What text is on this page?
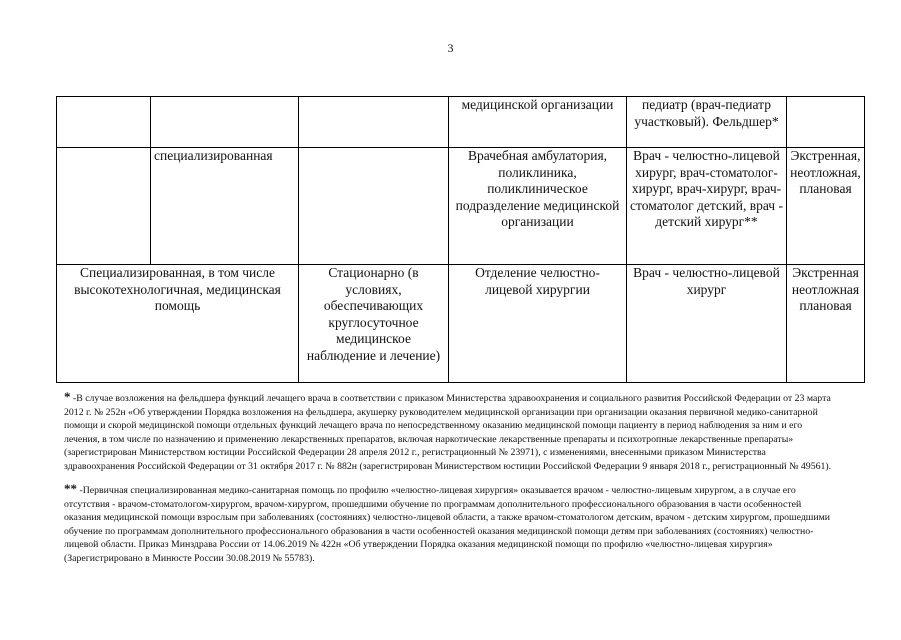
3
			медицинской организации	педиатр (врач-педиатр участковый). Фельдшер*	
	специализированная		Врачебная амбулатория, поликлиника, поликлиническое подразделение медицинской организации	Врач - челюстно-лицевой хирург, врач-стоматолог-хирург, врач-хирург, врач-стоматолог детский, врач - детский хирург**	Экстренная, неотложная, плановая
Специализированная, в том числе высокотехнологичная, медицинская помощь		Стационарно (в условиях, обеспечивающих круглосуточное медицинское наблюдение и лечение)	Отделение челюстно-лицевой хирургии	Врач - челюстно-лицевой хирург	Экстренная неотложная плановая
* -В случае возложения на фельдшера функций лечащего врача в соответствии с приказом Министерства здравоохранения и социального развития Российской Федерации от 23 марта 2012 г. № 252н «Об утверждении Порядка возложения на фельдшера, акушерку руководителем медицинской организации при организации оказания первичной медико-санитарной помощи и скорой медицинской помощи отдельных функций лечащего врача по непосредственному оказанию медицинской помощи пациенту в период наблюдения за ним и его лечения, в том числе по назначению и применению лекарственных препаратов, включая наркотические лекарственные препараты и психотропные лекарственные препараты» (зарегистрирован Министерством юстиции Российской Федерации 28 апреля 2012 г., регистрационный № 23971), с изменениями, внесенными приказом Министерства здравоохранения Российской Федерации от 31 октября 2017 г. № 882н (зарегистрирован Министерством юстиции Российской Федерации 9 января 2018 г., регистрационный № 49561).
** -Первичная специализированная медико-санитарная помощь по профилю «челюстно-лицевая хирургия» оказывается врачом - челюстно-лицевым хирургом, а в случае его отсутствия - врачом-стоматологом-хирургом, врачом-хирургом, прошедшими обучение по программам дополнительного профессионального образования в части особенностей оказания медицинской помощи взрослым при заболеваниях (состояниях) челюстно-лицевой области, а также врачом-стоматологом детским, врачом - детским хирургом, прошедшими обучение по программам дополнительного профессионального образования в части особенностей оказания медицинской помощи детям при заболеваниях (состояниях) челюстно-лицевой области. Приказ Минздрава России от 14.06.2019 № 422н «Об утверждении Порядка оказания медицинской помощи по профилю «челюстно-лицевая хирургия» (Зарегистрировано в Минюсте России 30.08.2019 № 55783).
